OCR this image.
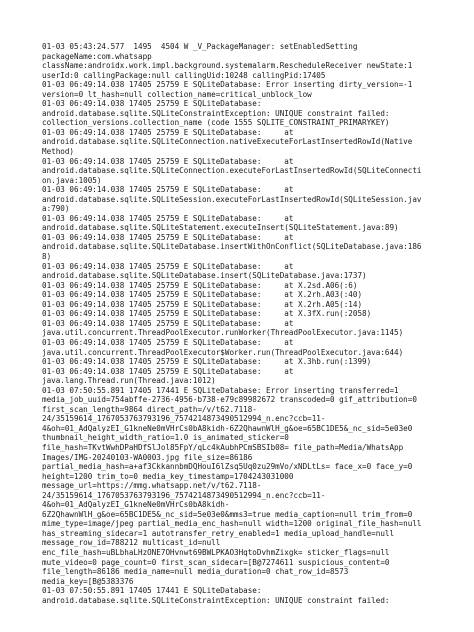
01-03 05:43:24.577  1495  4504 W _V_PackageManager: setEnabledSetting
packageName:com.whatsapp
className:androidx.work.impl.background.systemalarm.RescheduleReceiver newState:1
userId:0 callingPackage:null callingUid:10248 callingPid:17405
01-03 06:49:14.038 17405 25759 E SQLiteDatabase: Error inserting dirty_version=-1
version=0 lt_hash=null collection_name=critical_unblock_low
01-03 06:49:14.038 17405 25759 E SQLiteDatabase:
android.database.sqlite.SQLiteConstraintException: UNIQUE constraint failed:
collection_versions.collection_name (code 1555 SQLITE_CONSTRAINT_PRIMARYKEY)
01-03 06:49:14.038 17405 25759 E SQLiteDatabase:     at
android.database.sqlite.SQLiteConnection.nativeExecuteForLastInsertedRowId(Native
Method)
01-03 06:49:14.038 17405 25759 E SQLiteDatabase:     at
android.database.sqlite.SQLiteConnection.executeForLastInsertedRowId(SQLiteConnecti
on.java:1005)
01-03 06:49:14.038 17405 25759 E SQLiteDatabase:     at
android.database.sqlite.SQLiteSession.executeForLastInsertedRowId(SQLiteSession.jav
a:790)
01-03 06:49:14.038 17405 25759 E SQLiteDatabase:     at
android.database.sqlite.SQLiteStatement.executeInsert(SQLiteStatement.java:89)
01-03 06:49:14.038 17405 25759 E SQLiteDatabase:     at
android.database.sqlite.SQLiteDatabase.insertWithOnConflict(SQLiteDatabase.java:186
8)
01-03 06:49:14.038 17405 25759 E SQLiteDatabase:     at
android.database.sqlite.SQLiteDatabase.insert(SQLiteDatabase.java:1737)
01-03 06:49:14.038 17405 25759 E SQLiteDatabase:     at X.2sd.A06(:6)
01-03 06:49:14.038 17405 25759 E SQLiteDatabase:     at X.2rh.A03(:40)
01-03 06:49:14.038 17405 25759 E SQLiteDatabase:     at X.2rh.A05(:14)
01-03 06:49:14.038 17405 25759 E SQLiteDatabase:     at X.3fX.run(:2058)
01-03 06:49:14.038 17405 25759 E SQLiteDatabase:     at
java.util.concurrent.ThreadPoolExecutor.runWorker(ThreadPoolExecutor.java:1145)
01-03 06:49:14.038 17405 25759 E SQLiteDatabase:     at
java.util.concurrent.ThreadPoolExecutor$Worker.run(ThreadPoolExecutor.java:644)
01-03 06:49:14.038 17405 25759 E SQLiteDatabase:     at X.3hb.run(:1399)
01-03 06:49:14.038 17405 25759 E SQLiteDatabase:     at
java.lang.Thread.run(Thread.java:1012)
01-03 07:50:55.891 17405 17441 E SQLiteDatabase: Error inserting transferred=1
media_job_uuid=754abffe-2736-4956-b738-e79c89982672 transcoded=0 gif_attribution=0
first_scan_length=9864 direct_path=/v/t62.7118-
24/35159614_1767053763793196_7574214873490512994_n.enc?ccb=11-
4&oh=01_AdQalyzEI_G1kneNe0mVHrCs0bA8kidh-6Z2QhawnWlH_g&oe=65BC1DE5&_nc_sid=5e03e0
thumbnail_height_width_ratio=1.0 is_animated_sticker=0
file_hash=TKvtWwhDPaHDfSlJol85FpY/qLc4kAubhPCmSBSIb08= file_path=Media/WhatsApp
Images/IMG-20240103-WA0003.jpg file_size=86186
partial_media_hash=a+af3CkkannbmDQHouI6lZsq5Uq0zu29mVo/xNDLtLs= face_x=0 face_y=0
height=1200 trim_to=0 media_key_timestamp=1704243031000
message_url=https://mmg.whatsapp.net/v/t62.7118-
24/35159614_1767053763793196_7574214873490512994_n.enc?ccb=11-
4&oh=01_AdQalyzEI_G1kneNe0mVHrCs0bA8kidh-
6Z2QhawnWlH_g&oe=65BC1DE5&_nc_sid=5e03e0&mms3=true media_caption=null trim_from=0
mime_type=image/jpeg partial_media_enc_hash=null width=1200 original_file_hash=null
has_streaming_sidecar=1 autotransfer_retry_enabled=1 media_upload_handle=null
message_row_id=788212 multicast_id=null
enc_file_hash=uBLbhaLHzONE7OHvnwt69BWLPKAO3HqtoDvhmZixgk= sticker_flags=null
mute_video=0 page_count=0 first_scan_sidecar=[B@7274611 suspicious_content=0
file_length=86186 media_name=null media_duration=0 chat_row_id=8573
media_key=[B@5383376
01-03 07:50:55.891 17405 17441 E SQLiteDatabase:
android.database.sqlite.SQLiteConstraintException: UNIQUE constraint failed:
